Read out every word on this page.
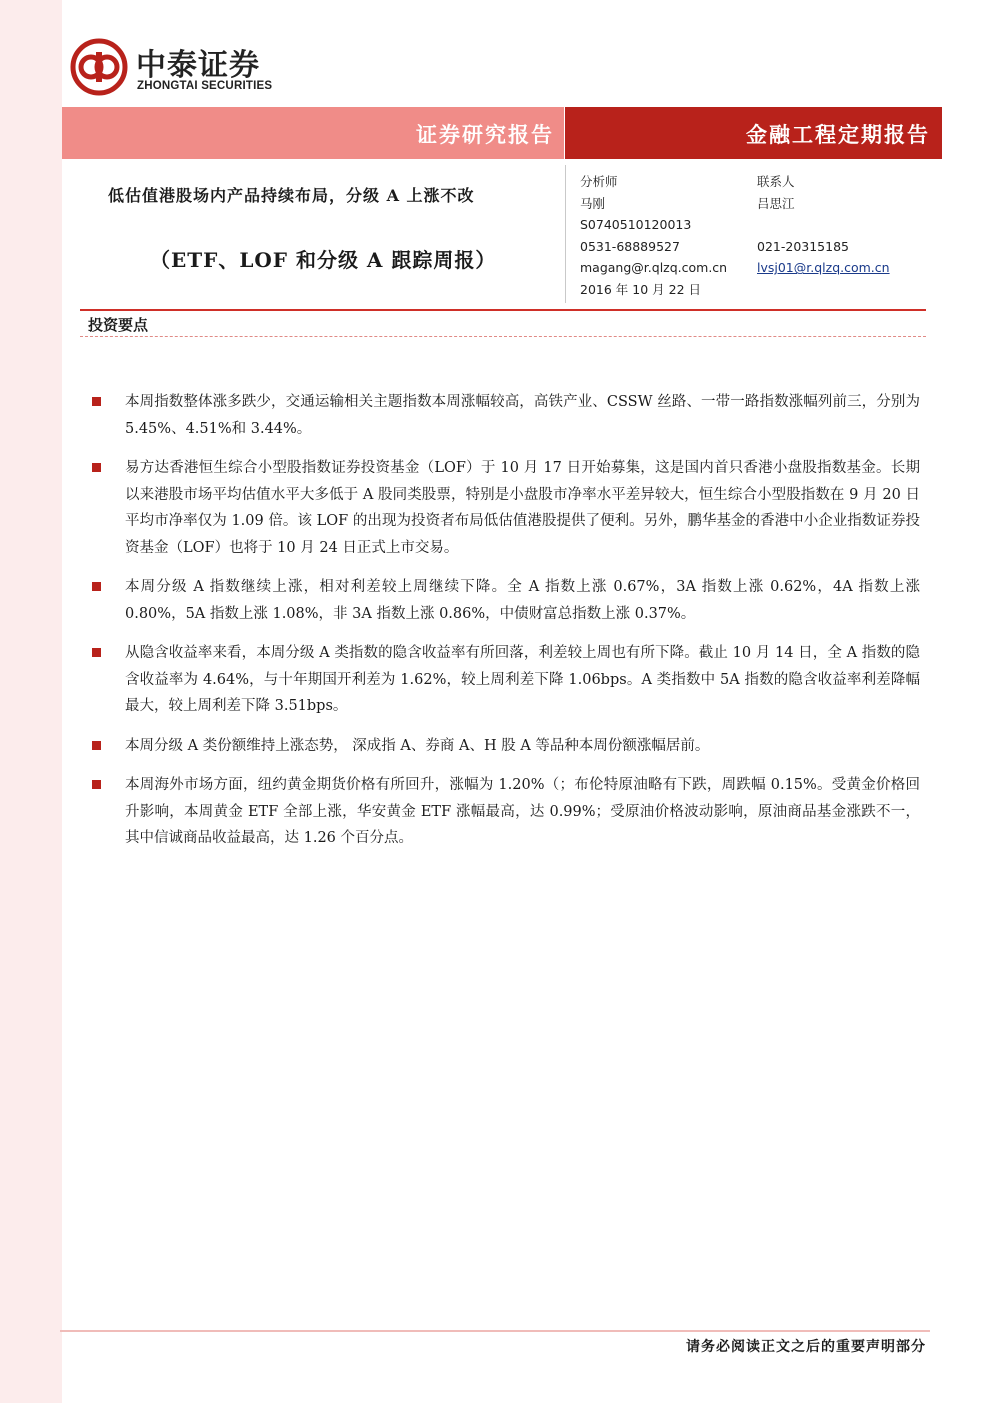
中泰证券
ZHONGTAI SECURITIES
证券研究报告	金融工程定期报告
低估值港股场内产品持续布局，分级 A 上涨不改
（ETF、LOF 和分级 A 跟踪周报）
分析师
马刚
S0740510120013
0531-68889527
magang@r.qlzq.com.cn
2016 年 10 月 22 日
联系人
吕思江
021-20315185
lvsj01@r.qlzq.com.cn
投资要点
本周指数整体涨多跌少，交通运输相关主题指数本周涨幅较高，高铁产业、CSSW 丝路、一带一路指数涨幅列前三，分别为 5.45%、4.51%和 3.44%。
易方达香港恒生综合小型股指数证券投资基金（LOF）于 10 月 17 日开始募集，这是国内首只香港小盘股指数基金。长期以来港股市场平均估值水平大多低于 A 股同类股票，特别是小盘股市净率水平差异较大，恒生综合小型股指数在 9 月 20 日平均市净率仅为 1.09 倍。该 LOF 的出现为投资者布局低估值港股提供了便利。另外，鹏华基金的香港中小企业指数证券投资基金（LOF）也将于 10 月 24 日正式上市交易。
本周分级 A 指数继续上涨，相对利差较上周继续下降。全 A 指数上涨 0.67%，3A 指数上涨 0.62%，4A 指数上涨 0.80%，5A 指数上涨 1.08%，非 3A 指数上涨 0.86%，中债财富总指数上涨 0.37%。
从隐含收益率来看，本周分级 A 类指数的隐含收益率有所回落，利差较上周也有所下降。截止 10 月 14 日，全 A 指数的隐含收益率为 4.64%，与十年期国开利差为 1.62%，较上周利差下降 1.06bps。A 类指数中 5A 指数的隐含收益率利差降幅最大，较上周利差下降 3.51bps。
本周分级 A 类份额维持上涨态势， 深成指 A、券商 A、H 股 A 等品种本周份额涨幅居前。
本周海外市场方面，纽约黄金期货价格有所回升，涨幅为 1.20%（；布伦特原油略有下跌，周跌幅 0.15%。受黄金价格回升影响，本周黄金 ETF 全部上涨，华安黄金 ETF 涨幅最高，达 0.99%；受原油价格波动影响，原油商品基金涨跌不一，其中信诚商品收益最高，达 1.26 个百分点。
请务必阅读正文之后的重要声明部分
